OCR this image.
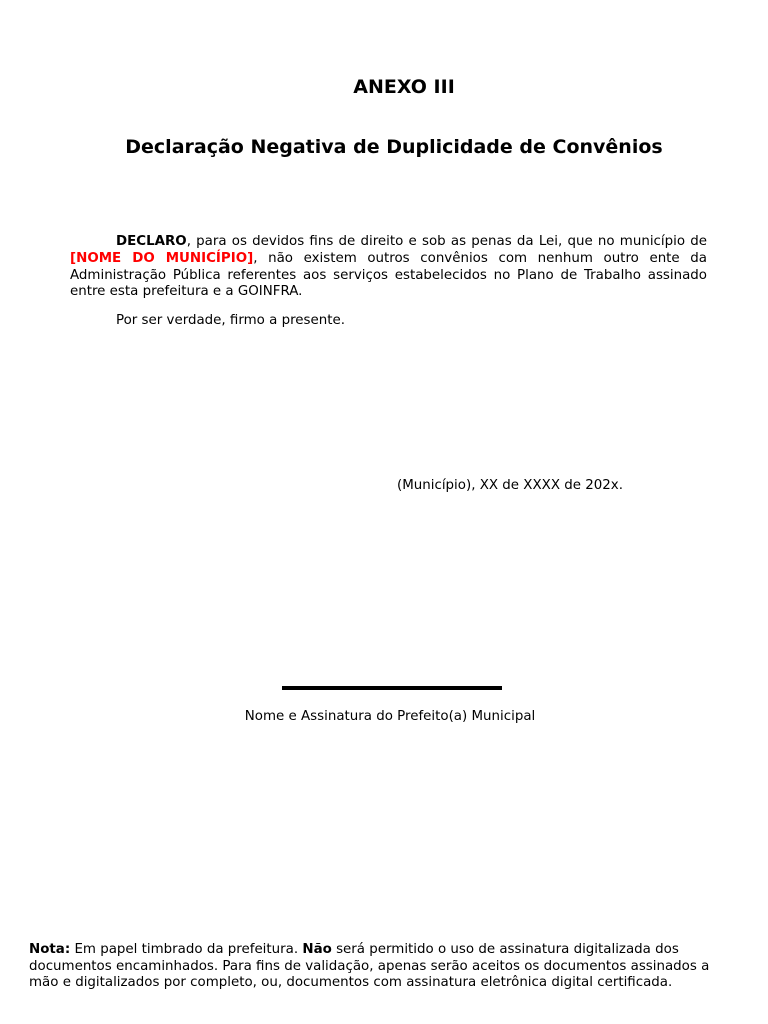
ANEXO III
Declaração Negativa de Duplicidade de Convênios

DECLARO, para os devidos fins de direito e sob as penas da Lei, que no município de [NOME DO MUNICÍPIO], não existem outros convênios com nenhum outro ente da Administração Pública referentes aos serviços estabelecidos no Plano de Trabalho assinado entre esta prefeitura e a GOINFRA.

Por ser verdade, firmo a presente.

(Município), XX de XXXX de 202x.

Nome e Assinatura do Prefeito(a) Municipal

Nota: Em papel timbrado da prefeitura. Não será permitido o uso de assinatura digitalizada dos documentos encaminhados. Para fins de validação, apenas serão aceitos os documentos assinados a mão e digitalizados por completo, ou, documentos com assinatura eletrônica digital certificada.
